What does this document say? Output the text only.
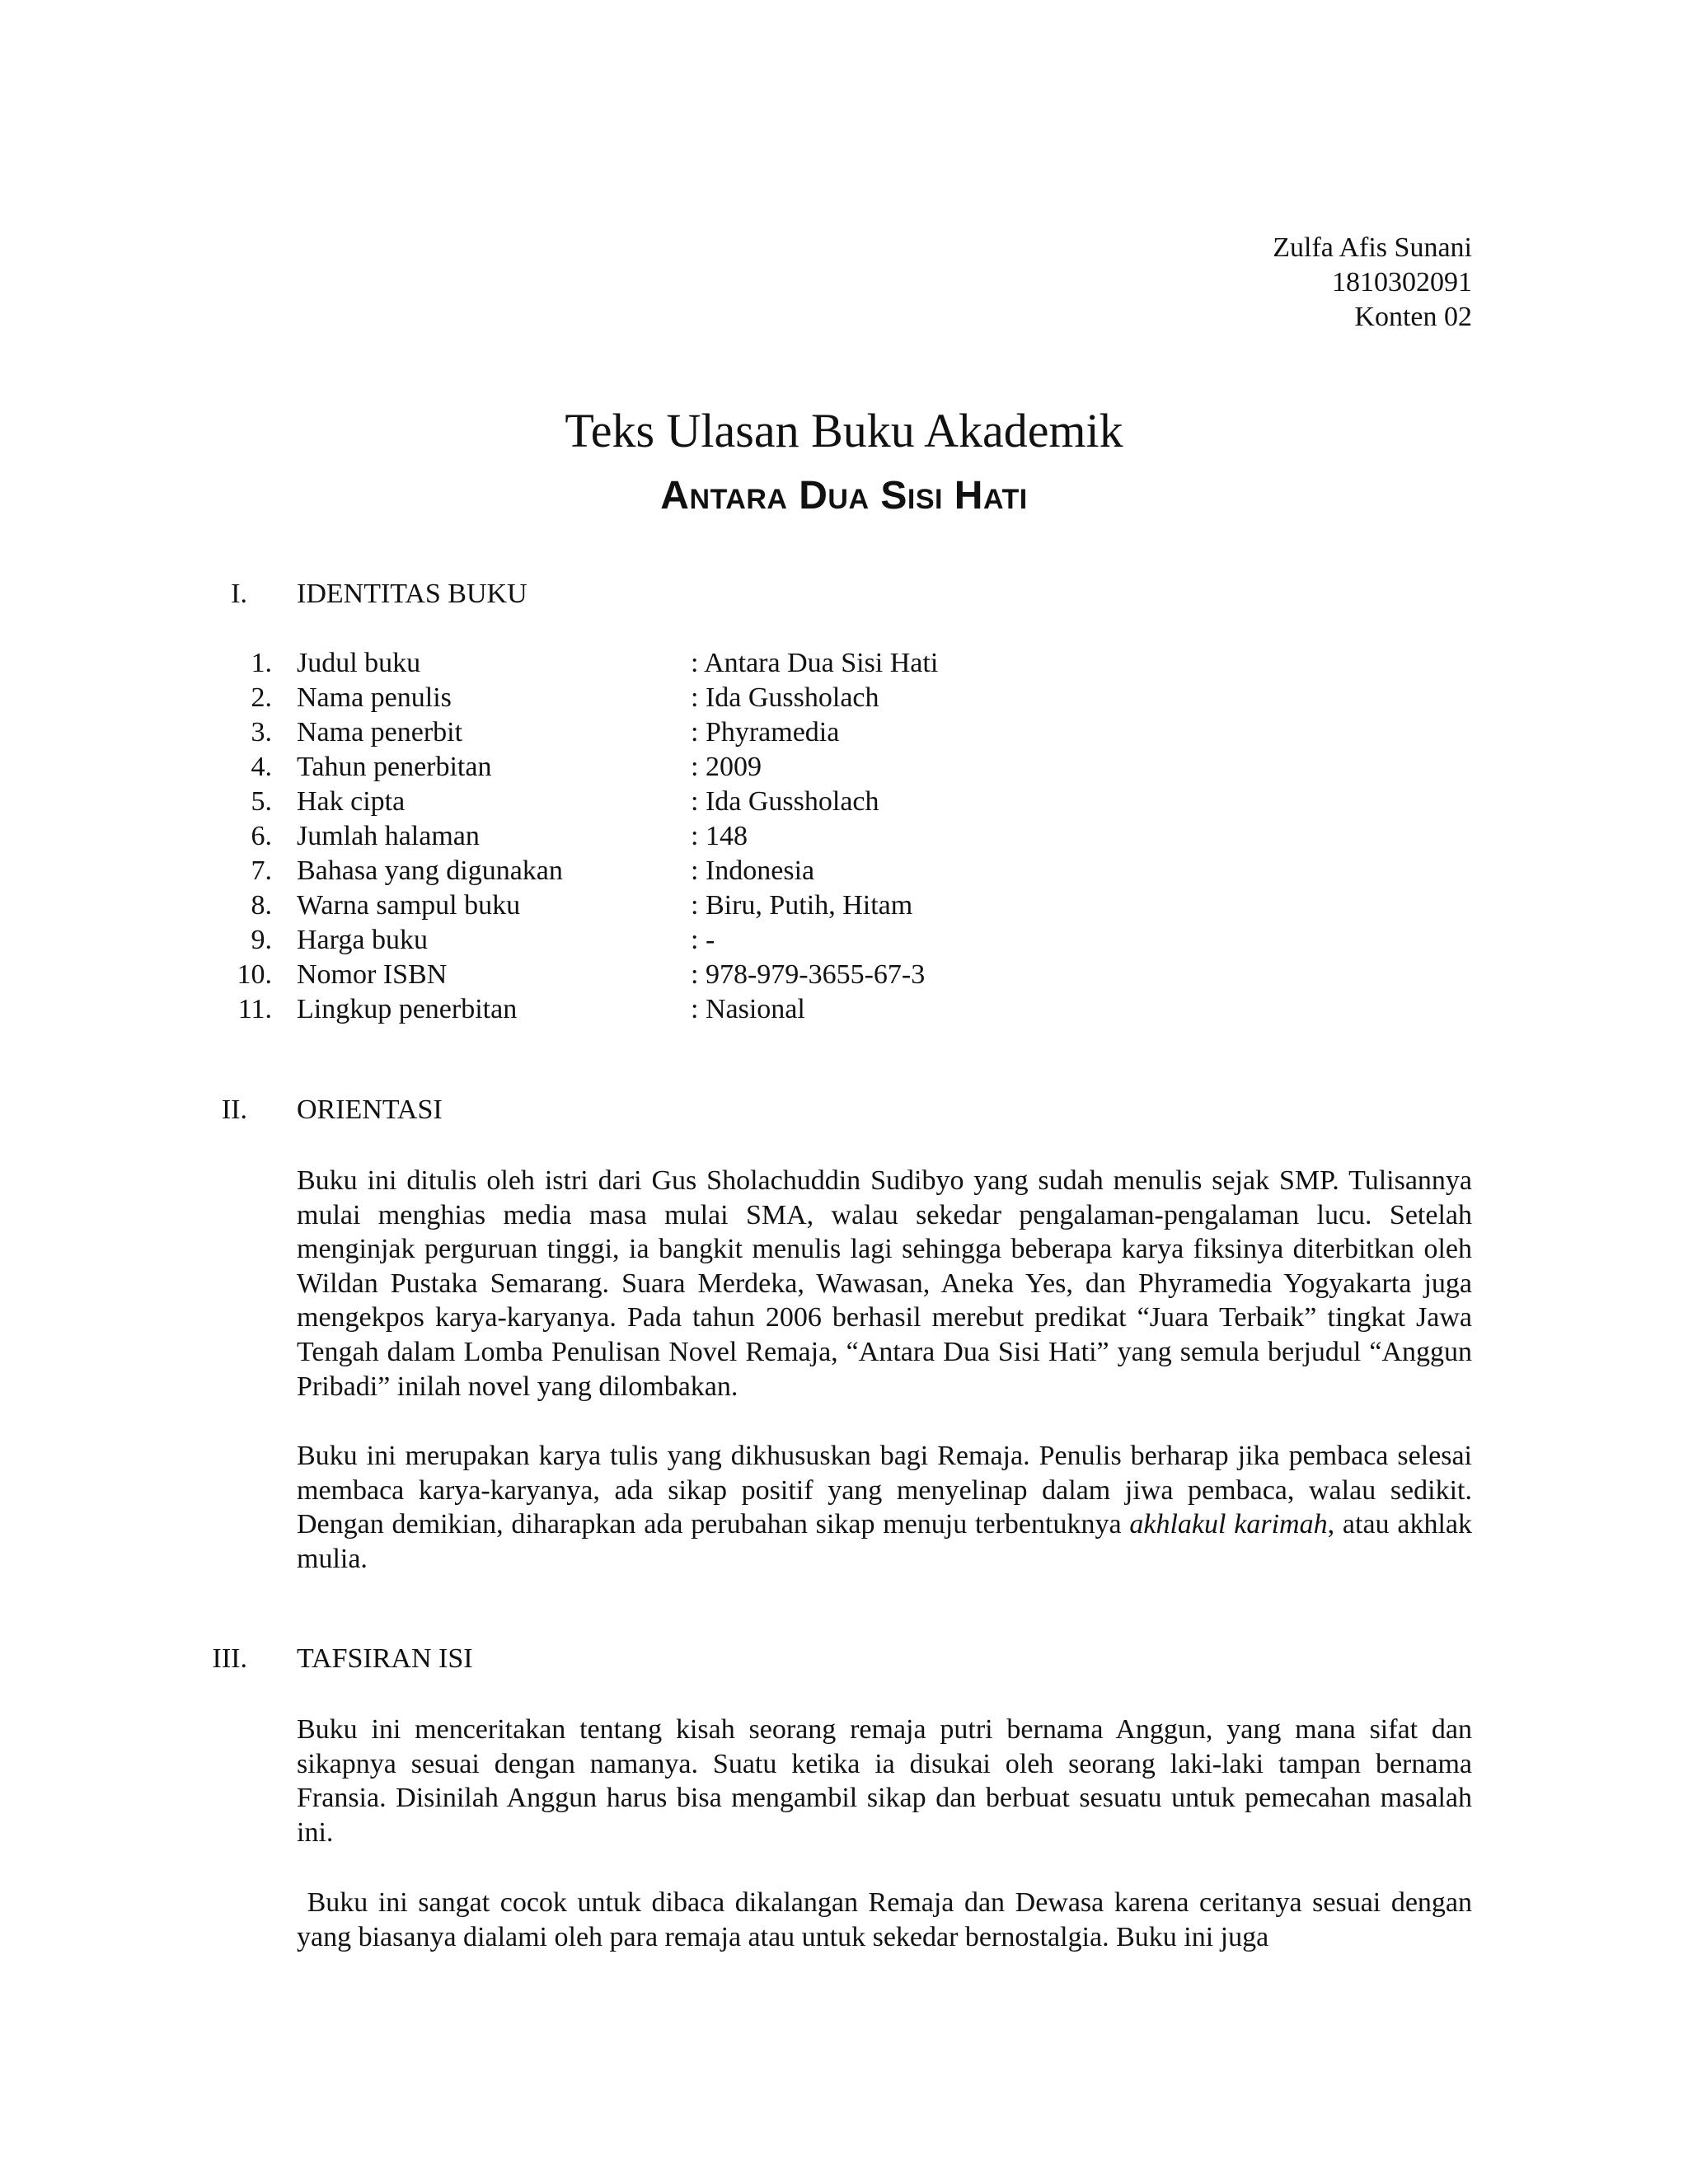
Zulfa Afis Sunani
1810302091
Konten 02
Teks Ulasan Buku Akademik
Antara Dua Sisi Hati
I. IDENTITAS BUKU
1. Judul buku	: Antara Dua Sisi Hati
2. Nama penulis	: Ida Gussholach
3. Nama penerbit	: Phyramedia
4. Tahun penerbitan	: 2009
5. Hak cipta	: Ida Gussholach
6. Jumlah halaman	: 148
7. Bahasa yang digunakan	: Indonesia
8. Warna sampul buku	: Biru, Putih, Hitam
9. Harga buku	: -
10. Nomor ISBN	: 978-979-3655-67-3
11. Lingkup penerbitan	: Nasional
II. ORIENTASI
Buku ini ditulis oleh istri dari Gus Sholachuddin Sudibyo yang sudah menulis sejak SMP. Tulisannya mulai menghias media masa mulai SMA, walau sekedar pengalaman-pengalaman lucu. Setelah menginjak perguruan tinggi, ia bangkit menulis lagi sehingga beberapa karya fiksinya diterbitkan oleh Wildan Pustaka Semarang. Suara Merdeka, Wawasan, Aneka Yes, dan Phyramedia Yogyakarta juga mengekpos karya-karyanya. Pada tahun 2006 berhasil merebut predikat “Juara Terbaik” tingkat Jawa Tengah dalam Lomba Penulisan Novel Remaja, “Antara Dua Sisi Hati” yang semula berjudul “Anggun Pribadi” inilah novel yang dilombakan.
Buku ini merupakan karya tulis yang dikhususkan bagi Remaja. Penulis berharap jika pembaca selesai membaca karya-karyanya, ada sikap positif yang menyelinap dalam jiwa pembaca, walau sedikit. Dengan demikian, diharapkan ada perubahan sikap menuju terbentuknya akhlakul karimah, atau akhlak mulia.
III. TAFSIRAN ISI
Buku ini menceritakan tentang kisah seorang remaja putri bernama Anggun, yang mana sifat dan sikapnya sesuai dengan namanya. Suatu ketika ia disukai oleh seorang laki-laki tampan bernama Fransia. Disinilah Anggun harus bisa mengambil sikap dan berbuat sesuatu untuk pemecahan masalah ini.
Buku ini sangat cocok untuk dibaca dikalangan Remaja dan Dewasa karena ceritanya sesuai dengan yang biasanya dialami oleh para remaja atau untuk sekedar bernostalgia. Buku ini juga
